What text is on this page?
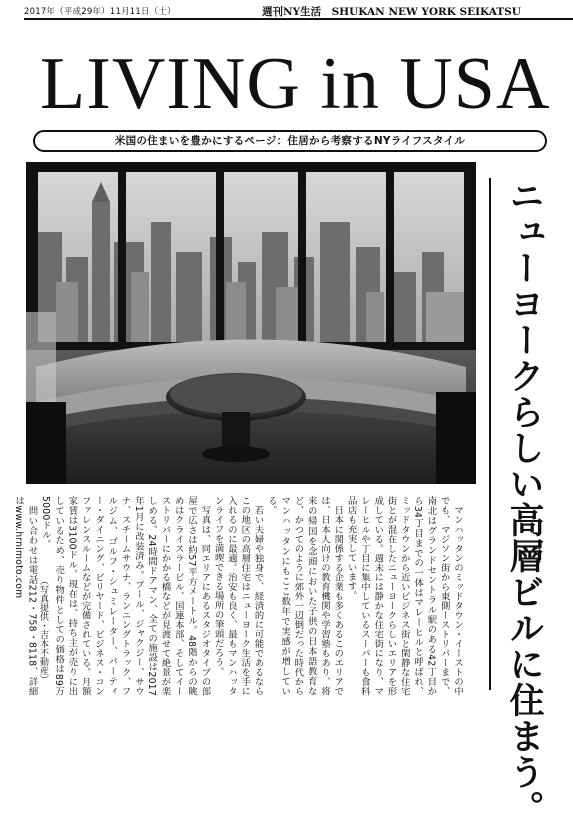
2017年（平成29年）11月11日（土）	週刊NY生活　SHUKAN NEW YORK SEIKATSU
LIVING in USA
米国の住まいを豊かにするページ：住居から考察するNYライフスタイル
ニューヨークらしい高層ビルに住まう。

　マンハッタンのミッドタウン・イーストの中でも、マジソン街から東側ーストリバーまで、南北はグランドセントラル駅のある42丁目から34丁目までの一体はマレーヒルと呼ばれ、ミッドタウンから近いビジネス街と閑静な住宅街とが混在したニューヨークらしいエリアを形成している。週末には静かな住宅街になり、マレーヒルや丁目に集中しているスーパーも食料品店も充実しています。

　日本に関係する企業も多くあるこのエリアでは、日本人向けの教育機関や学習塾もあり、将来の帰国を念頭においた子供の日本語教育など、かつてのように郊外一辺倒だった時代からマンハッタンにもここ数年で実感が増している。

　若い夫婦や独身で、経済的に可能であるならこの地区の高層住宅はニューヨーク生活を手に入れるのに最適。治安も良く、最もマンハッタンライフを満喫できる場所の筆頭だろう。

　写真は、同エリアにあるスタジオタイプの部屋で広さは約57平方メートル。48階からの眺めはクライスラービル、国連本部、そしてイーストリバーにかかる橋などが見渡せて絶景が楽しめる。24時間ドアマン、全ての施設は2017年1月に改装済み。プール、ジャクジー、サウナ、スチームサウナ、ランニングトラック、フルジム、ゴルフ・シュミレーター、パーティー・ダイニング、ビリヤード、ビジネス・コンファレンスルームなどが完備されている。月額家賃は3100ドル。現在は、持ち主が売りに出しているため、売り物件としての価格は89万5000ドル。

　問い合わせは電話212・758・8118、詳細はwww.hrnimoto.com

（写真提供・吉本不動産）
